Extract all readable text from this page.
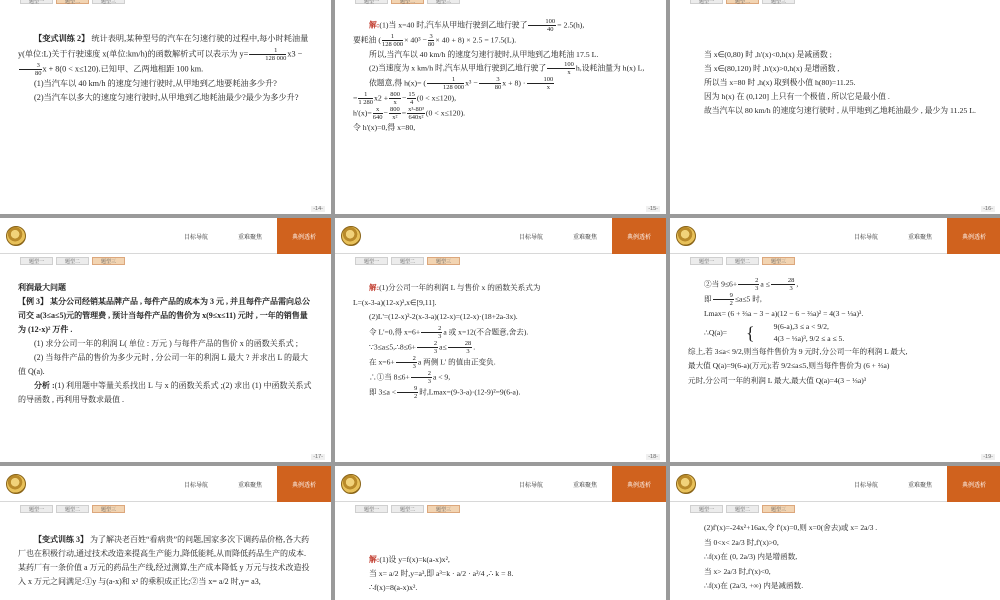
题型一	题型二	题型三
【变式训练 2】 统计表明,某种型号的汽车在匀速行驶的过程中,每小时耗油量 y(单位:L)关于行驶速度 x(单位:km/h)的函数解析式可以表示为 $y= \frac{1}{128 000} x3$ −
$\frac{3}{80}$ x + 8(0 < x≤120).已知甲、乙两地相距 100 km.
(1)当汽车以 40 km/h 的速度匀速行驶时,从甲地到乙地要耗油多少升?
(2)当汽车以多大的速度匀速行驶时,从甲地到乙地耗油最少?最少为多少升?
-14-
题型一	题型二	题型三
解:(1)当 x=40 时,汽车从甲地行驶到乙地行驶了 $\frac{100}{40} = 2.5(h)$,
要耗油 ( $\frac{1}{128 000} \times 40^3 - \frac{3}{80} \times 40 + 8) \times 2.5 = 17.5(L)$.
所以,当汽车以 40 km/h 的速度匀速行驶时,从甲地到乙地耗油 17.5 L.
(2)当速度为 x km/h 时,汽车从甲地行驶到乙地行驶了 $\frac{100}{x} h$,设耗油量为 h(x) L,
依题意,得 h(x)= ( $\frac{1}{128 000} x^3 - \frac{3}{80}$ $x + 8) \cdot \frac{100}{x}$
= $\frac{1}{1 280} x2 + \frac{800}{x} - \frac{15}{4} (0 < x\le 120)$,
$h'(x)= \frac{x}{640} - \frac{800}{\text{x²}} = \frac{\text{x³-80³}}{\text{640x²}} (0 < x\le 120)$.
令 h'(x)=0,得 x=80,
-15-
题型一	题型二	题型三
当 x∈(0,80) 时 ,h'(x)<0,h(x) 是减函数 ;
当 x∈(80,120) 时 ,h'(x)>0,h(x) 是增函数 ,
所以当 x=80 时 ,h(x) 取到极小值 h(80)=11.25.
因为 h(x) 在 (0,120] 上只有一个极值 , 所以它是最小值 .
故当汽车以 80 km/h 的速度匀速行驶时 , 从甲地到乙地耗油最少 , 最少为 11.25 L.
-16-
目标导航	重难聚焦	典例透析
题型一	题型二	题型三
利润最大问题
【例 3】 某分公司经销某品牌产品 , 每件产品的成本为 3 元 , 并且每件产品需向总公司交 a(3≤a≤5)元的管理费 , 预计当每件产品的售价为 x(9≤x≤11) 元时 , 一年的销售量为 (12-x)² 万件 .
(1) 求分公司一年的利润 L( 单位 : 万元 ) 与每件产品的售价 x 的函数关系式 ;
(2) 当每件产品的售价为多少元时 , 分公司一年的利润 L 最大 ? 并求出 L 的最大值 Q(a).
分析 :(1) 利用题中等量关系找出 L 与 x 的函数关系式 ;(2) 求出 (1) 中函数关系式的导函数 , 再利用导数求最值 .
-17-
目标导航	重难聚焦	典例透析
题型一	题型二	题型三
解:(1)分公司一年的利润 L 与售价 x 的函数关系式为
L=(x-3-a)(12-x)²,x∈[9,11].
(2)L'=(12-x)²-2(x-3-a)(12-x)=(12-x)·(18+2a-3x).
令 L'=0,得 $x=6+ \frac{2}{3}$ a 或 x=12(不合题意,舍去).
∵3≤a≤5,∴8≤6+ $\frac{2}{3} a\le \frac{28}{3}$ .
在 $x=6+ \frac{2}{3}$ a 两侧 L' 的值由正变负.
∴①当 $8\le 6+ \frac{2}{3}$ a < 9,
即 $3\le a < \frac{9}{2}$ 时,Lmax=(9-3-a)·(12-9)²=9(6-a).
-18-
目标导航	重难聚焦	典例透析
题型一	题型二	题型三
②当 $9\le 6+ \frac{2}{3}$ $a \le \frac{28}{3}$ ,
即 $\frac{9}{2} \le a\le 5$ 时,
Lmax= (6 + ⅔a − 3 − a)(12 − 6 − ⅔a)² = 4(3 − ⅓a)³.
∴Q(a)=	{	9(6-a),3 ≤ a < 9/2,
4(3 − ⅓a)³, 9/2 ≤ a ≤ 5.
综上,若 3≤a< 9/2,则当每件售价为 9 元时,分公司一年的利润 L 最大,
最大值 Q(a)=9(6-a)(万元);若 9/2≤a≤5,则当每件售价为 (6 + ⅔a)
元时,分公司一年的利润 L 最大,最大值 Q(a)=4(3 − ⅓a)³
-19-
目标导航	重难聚焦	典例透析
题型一	题型二	题型三
【变式训练 3】 为了解决老百姓“看病贵”的问题,国家多次下调药品价格,各大药厂也在积极行动,通过技术改造来提高生产能力,降低能耗,从而降低药品生产的成本.某药厂有一条价值 a 万元的药品生产线,经过测算,生产成本降低 y 万元与技术改造投入 x 万元之间满足:①y 与(a-x)和 x² 的乘积成正比;②当 x= a/2 时,y= a3,
目标导航	重难聚焦	典例透析
题型一	题型二	题型三
解:(1)设 y=f(x)=k(a-x)x²,
当 x= a/2 时,y=a³,即 a³=k · a/2 · a²/4 ,∴ k = 8.
∴f(x)=8(a-x)x².
目标导航	重难聚焦	典例透析
题型一	题型二	题型三
(2)f'(x)=-24x²+16ax,令 f'(x)=0,则 x=0(舍去)或 x= 2a/3 .
当 0<x< 2a/3 时,f'(x)>0,
∴f(x)在 (0, 2a/3) 内是增函数,
当 x> 2a/3 时,f'(x)<0,
∴f(x)在 (2a/3, +∞) 内是减函数.
